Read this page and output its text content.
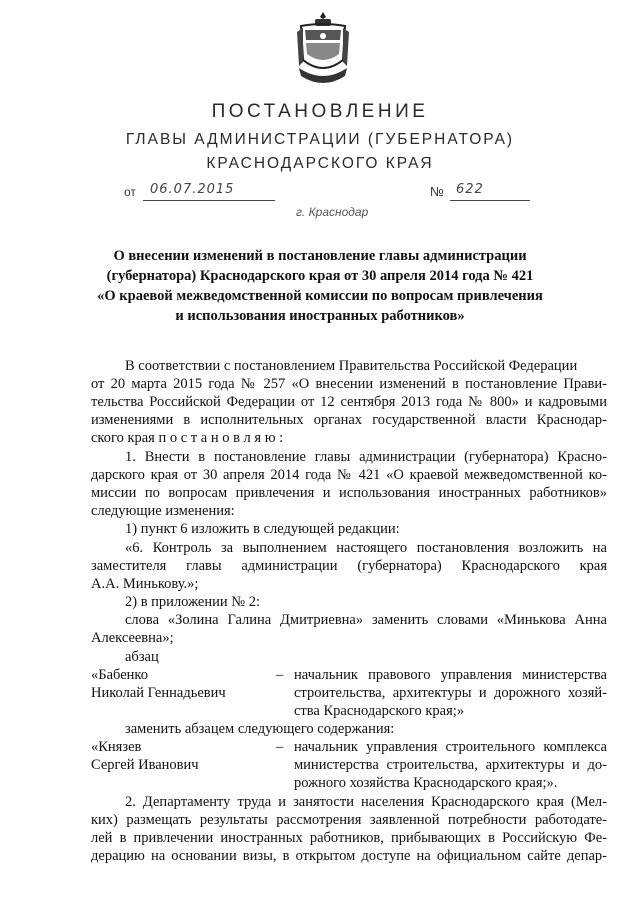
ПОСТАНОВЛЕНИЕ
ГЛАВЫ АДМИНИСТРАЦИИ (ГУБЕРНАТОРА)
КРАСНОДАРСКОГО КРАЯ
от 06.07.2015	№ 622
г. Краснодар
О внесении изменений в постановление главы администрации
(губернатора) Краснодарского края от 30 апреля 2014 года № 421
«О краевой межведомственной комиссии по вопросам привлечения
и использования иностранных работников»
В соответствии с постановлением Правительства Российской Федерации
от 20 марта 2015 года № 257 «О внесении изменений в постановление Прави-
тельства Российской Федерации от 12 сентября 2013 года № 800» и кадровыми
изменениями в исполнительных органах государственной власти Краснодар-
ского края п о с т а н о в л я ю :
1. Внести в постановление главы администрации (губернатора) Красно-
дарского края от 30 апреля 2014 года № 421 «О краевой межведомственной ко-
миссии по вопросам привлечения и использования иностранных работников»
следующие изменения:
1) пункт 6 изложить в следующей редакции:
«6. Контроль за выполнением настоящего постановления возложить на
заместителя главы администрации (губернатора) Краснодарского края
А.А. Минькову.»;
2) в приложении № 2:
слова «Золина Галина Дмитриевна» заменить словами «Минькова Анна
Алексеевна»;
абзац
«Бабенко
Николай Геннадьевич
– начальник правового управления министерства
строительства, архитектуры и дорожного хозяй-
ства Краснодарского края;»
заменить абзацем следующего содержания:
«Князев
Сергей Иванович
– начальник управления строительного комплекса
министерства строительства, архитектуры и до-
рожного хозяйства Краснодарского края;».
2. Департаменту труда и занятости населения Краснодарского края (Мел-
ких) размещать результаты рассмотрения заявленной потребности работодате-
лей в привлечении иностранных работников, прибывающих в Российскую Фе-
дерацию на основании визы, в открытом доступе на официальном сайте депар-
